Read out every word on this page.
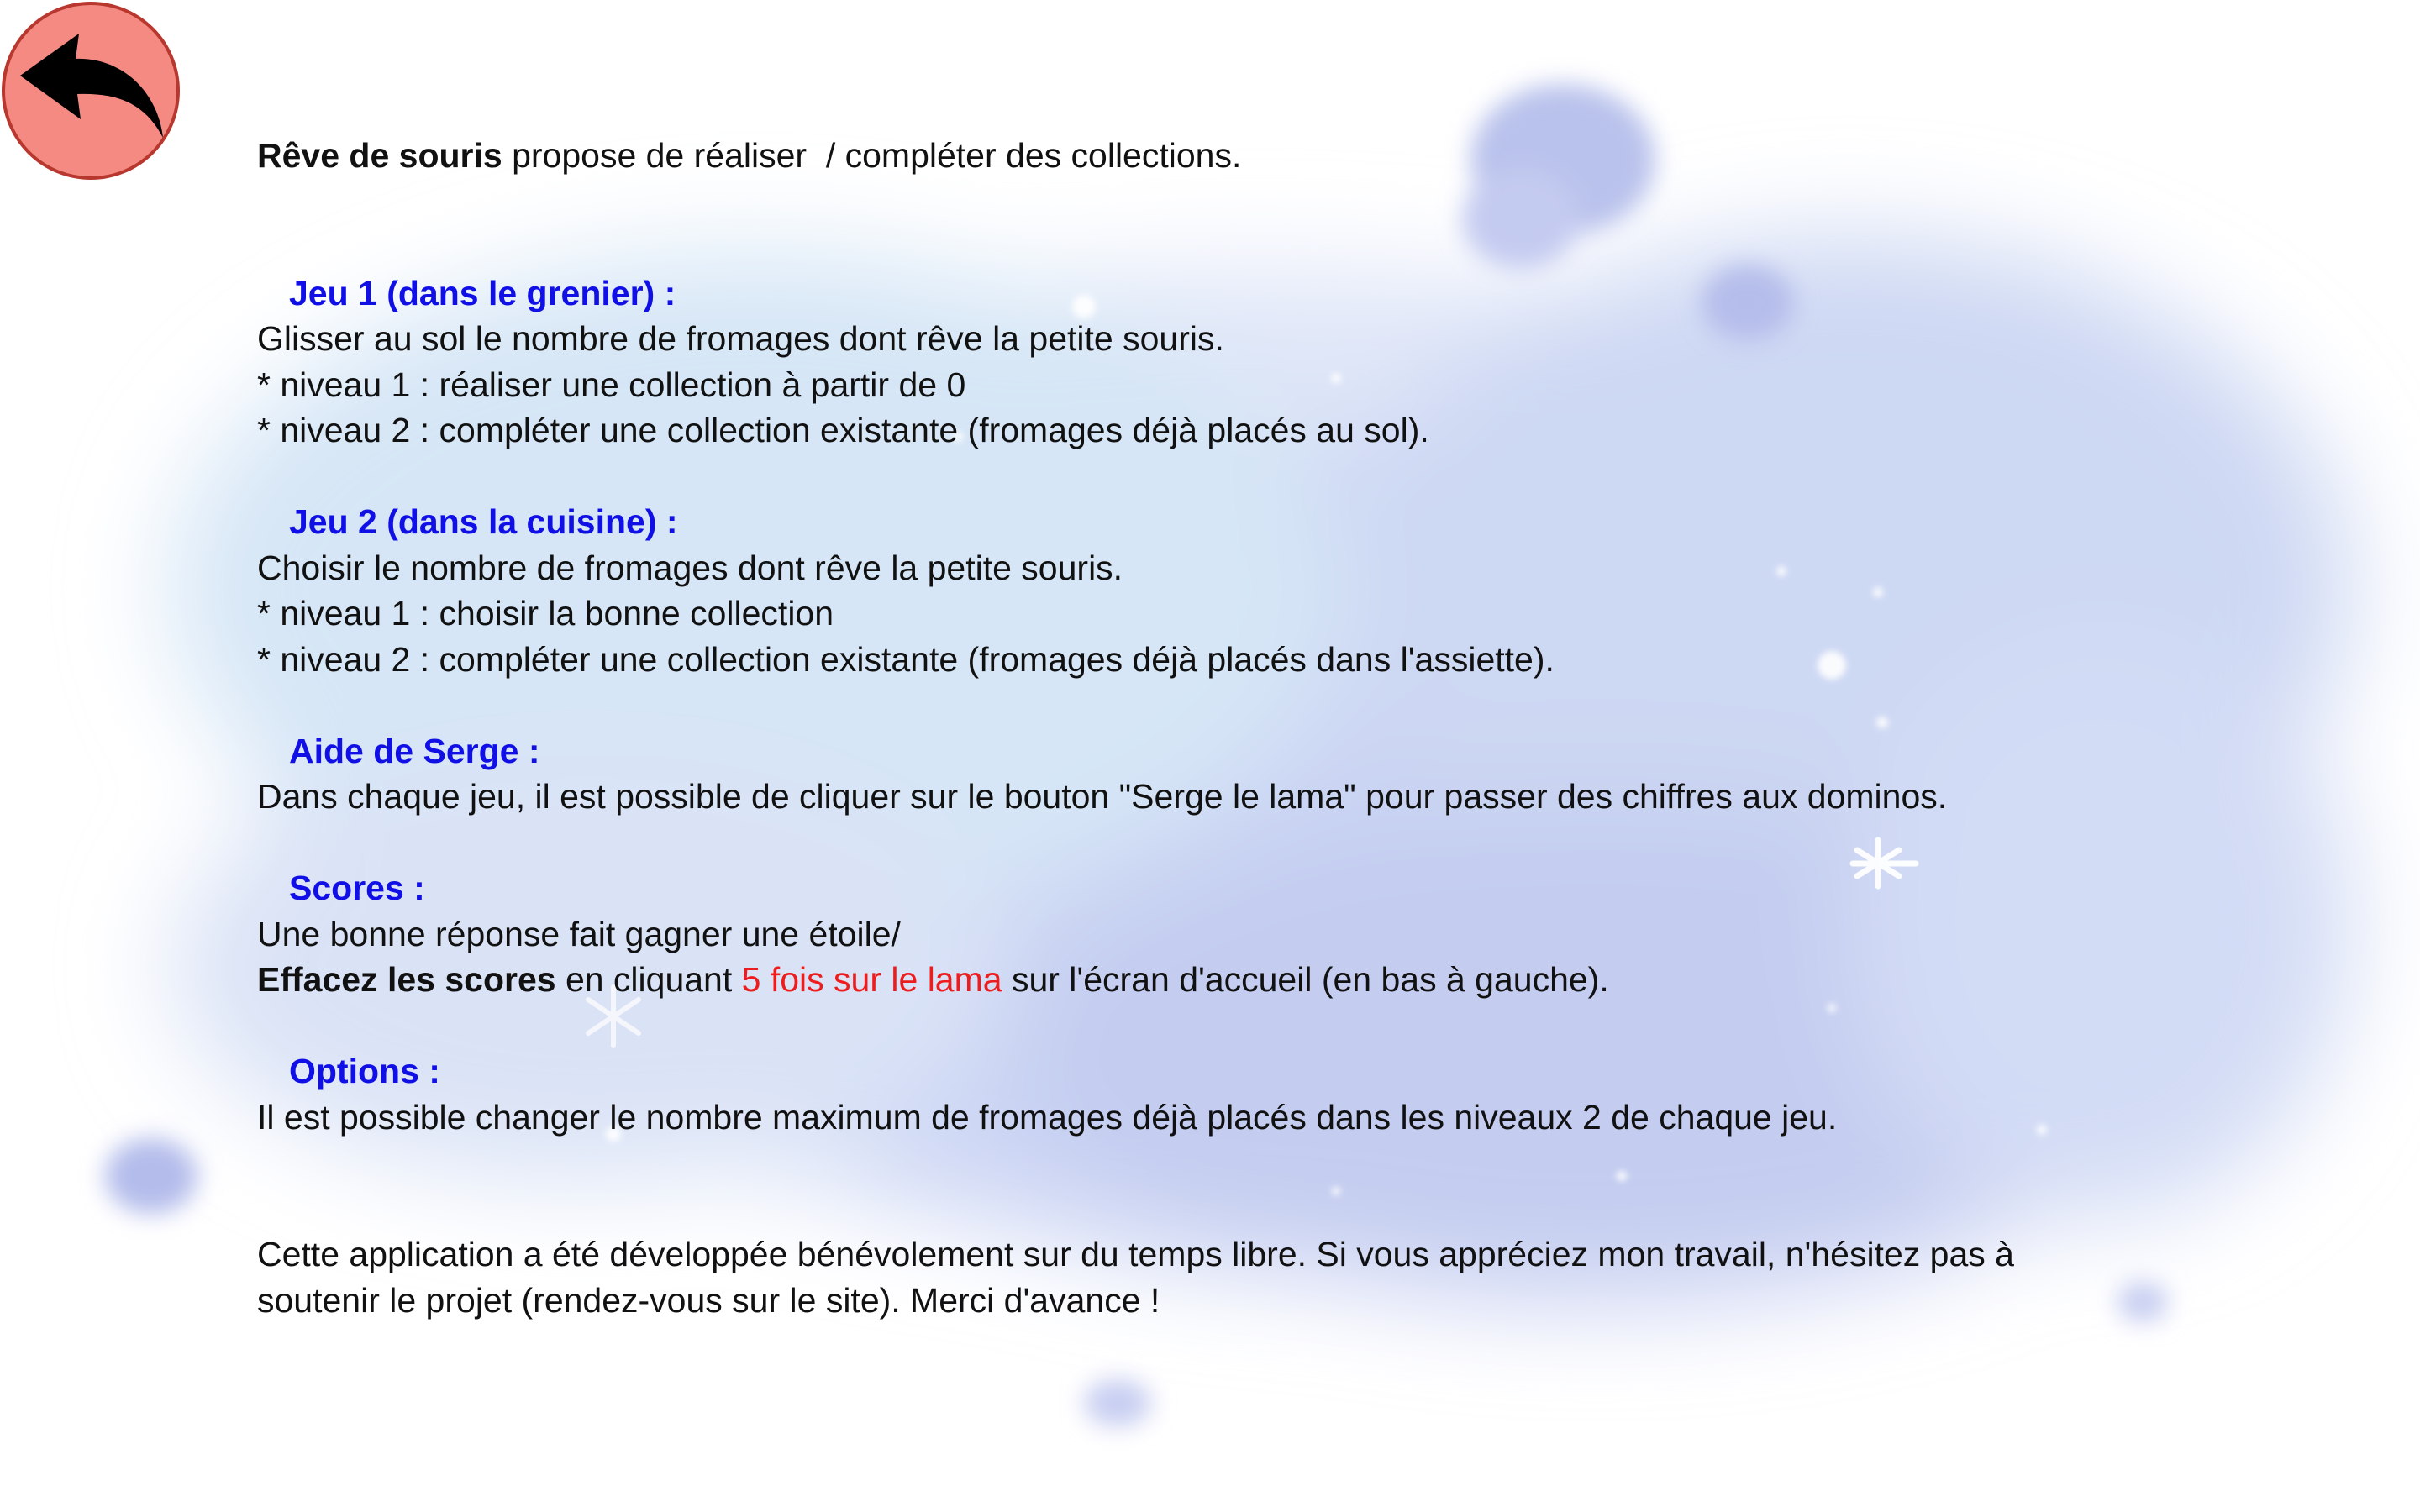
Rêve de souris propose de réaliser  / compléter des collections.
Jeu 1 (dans le grenier) :
Glisser au sol le nombre de fromages dont rêve la petite souris.
* niveau 1 : réaliser une collection à partir de 0
* niveau 2 : compléter une collection existante (fromages déjà placés au sol).
Jeu 2 (dans la cuisine) :
Choisir le nombre de fromages dont rêve la petite souris.
* niveau 1 : choisir la bonne collection
* niveau 2 : compléter une collection existante (fromages déjà placés dans l'assiette).
Aide de Serge :
Dans chaque jeu, il est possible de cliquer sur le bouton "Serge le lama" pour passer des chiffres aux dominos.
Scores :
Une bonne réponse fait gagner une étoile/
Effacez les scores en cliquant 5 fois sur le lama sur l'écran d'accueil (en bas à gauche).
Options :
Il est possible changer le nombre maximum de fromages déjà placés dans les niveaux 2 de chaque jeu.
Cette application a été développée bénévolement sur du temps libre. Si vous appréciez mon travail, n'hésitez pas à
soutenir le projet (rendez-vous sur le site). Merci d'avance !
